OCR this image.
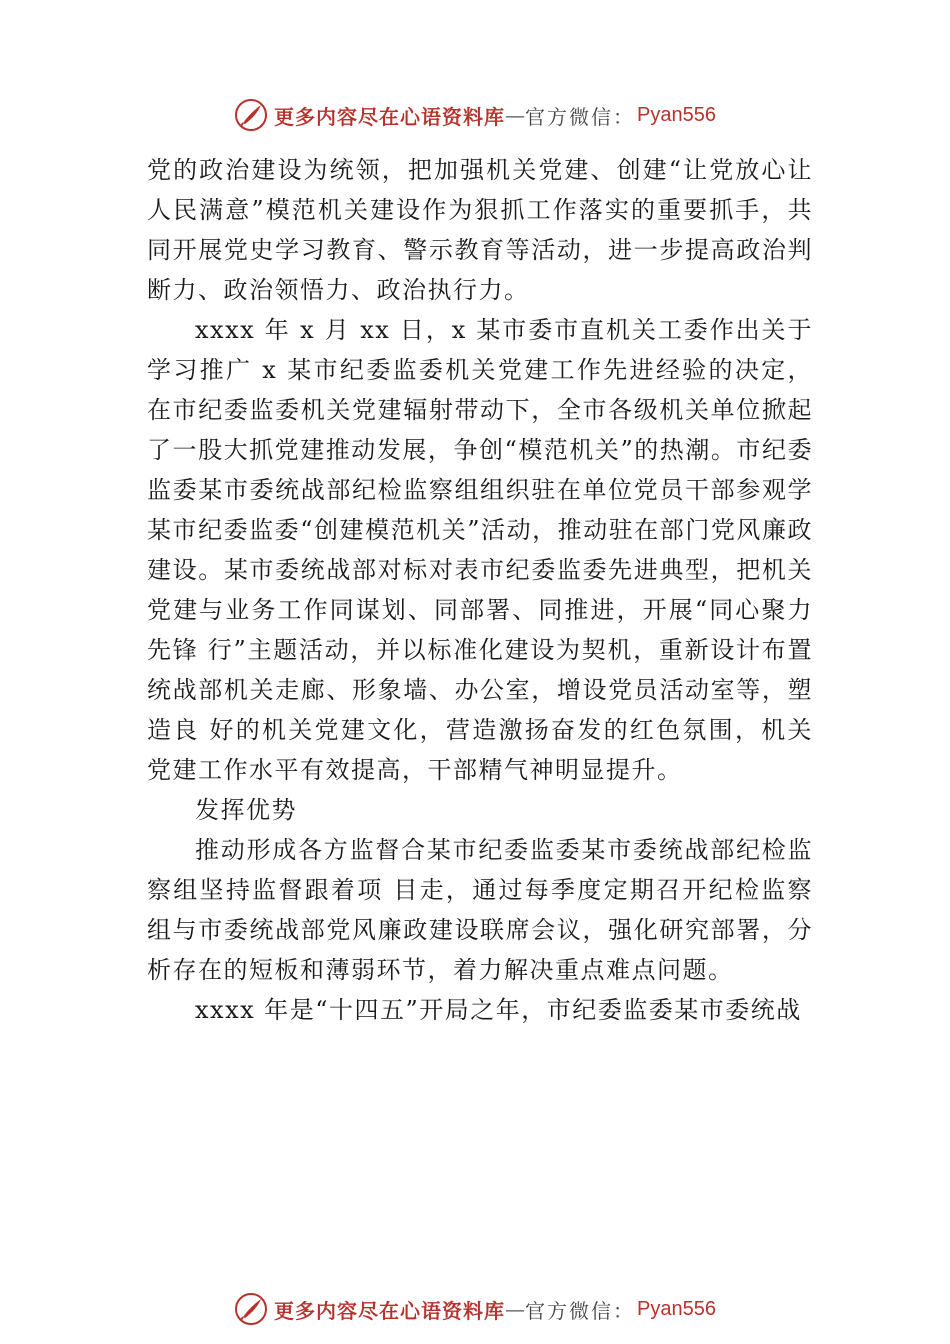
更多内容尽在心语资料库 — 官方微信： Pyan556

党的政治建设为统领，把加强机关党建、创建“让党放心让人民满意”模范机关建设作为狠抓工作落实的重要抓手，共同开展党史学习教育、警示教育等活动，进一步提高政治判断力、政治领悟力、政治执行力。

xxxx 年 x 月 xx 日，x 某市委市直机关工委作出关于学习推广 x 某市纪委监委机关党建工作先进经验的决定，在市纪委监委机关党建辐射带动下，全市各级机关单位掀起了一股大抓党建推动发展，争创“模范机关”的热潮。市纪委监委某市委统战部纪检监察组组织驻在单位党员干部参观学某市纪委监委“创建模范机关”活动，推动驻在部门党风廉政建设。某市委统战部对标对表市纪委监委先进典型，把机关党建与业务工作同谋划、同部署、同推进，开展“同心聚力先锋 行”主题活动，并以标准化建设为契机，重新设计布置统战部机关走廊、形象墙、办公室，增设党员活动室等，塑造良 好的机关党建文化，营造激扬奋发的红色氛围，机关党建工作水平有效提高，干部精气神明显提升。

发挥优势

推动形成各方监督合某市纪委监委某市委统战部纪检监察组坚持监督跟着项 目走，通过每季度定期召开纪检监察组与市委统战部党风廉政建设联席会议，强化研究部署，分析存在的短板和薄弱环节，着力解决重点难点问题。

xxxx 年是“十四五”开局之年，市纪委监委某市委统战

更多内容尽在心语资料库 — 官方微信： Pyan556
